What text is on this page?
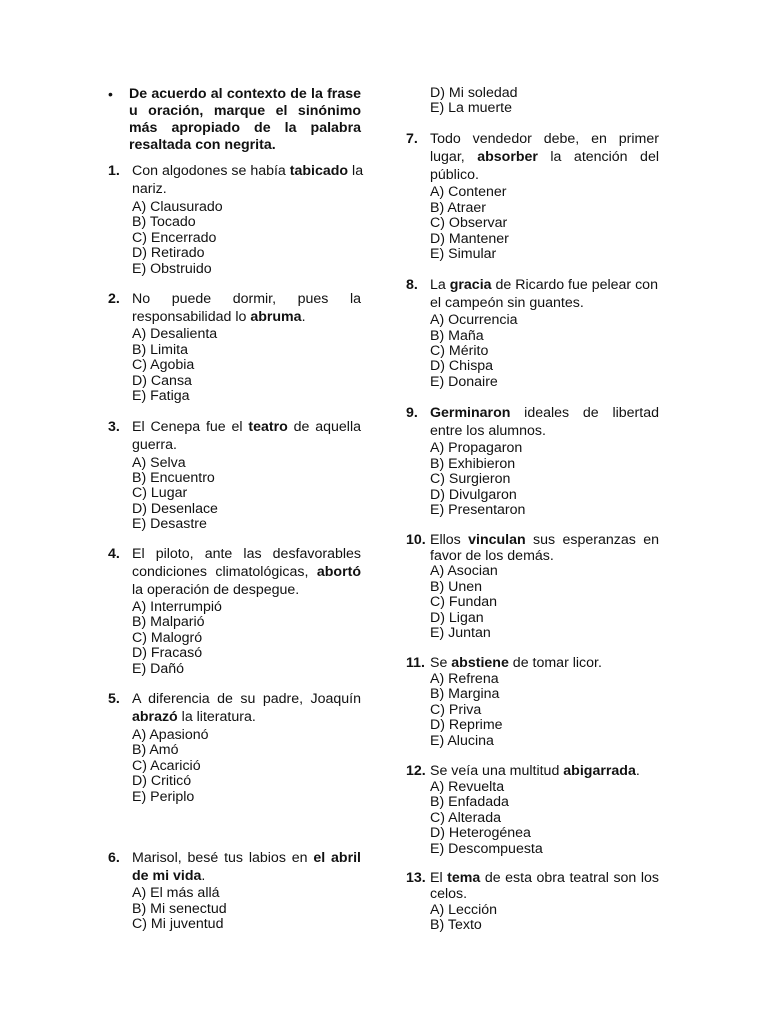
• De acuerdo al contexto de la frase
u oración, marque el sinónimo
más apropiado de la palabra
resaltada con negrita.
1. Con algodones se había tabicado la
nariz.
A) Clausurado
B) Tocado
C) Encerrado
D) Retirado
E) Obstruido
2. No puede dormir, pues la
responsabilidad lo abruma.
A) Desalienta
B) Limita
C) Agobia
D) Cansa
E) Fatiga
3. El Cenepa fue el teatro de aquella
guerra.
A) Selva
B) Encuentro
C) Lugar
D) Desenlace
E) Desastre
4. El piloto, ante las desfavorables
condiciones climatológicas, abortó
la operación de despegue.
A) Interrumpió
B) Malparió
C) Malogró
D) Fracasó
E) Dañó
5. A diferencia de su padre, Joaquín
abrazó la literatura.
A) Apasionó
B) Amó
C) Acarició
D) Criticó
E) Periplo
6. Marisol, besé tus labios en el abril
de mi vida.
A) El más allá
B) Mi senectud
C) Mi juventud
D) Mi soledad
E) La muerte
7. Todo vendedor debe, en primer
lugar, absorber la atención del
público.
A) Contener
B) Atraer
C) Observar
D) Mantener
E) Simular
8. La gracia de Ricardo fue pelear con
el campeón sin guantes.
A) Ocurrencia
B) Maña
C) Mérito
D) Chispa
E) Donaire
9. Germinaron ideales de libertad
entre los alumnos.
A) Propagaron
B) Exhibieron
C) Surgieron
D) Divulgaron
E) Presentaron
10. Ellos vinculan sus esperanzas en
favor de los demás.
A) Asocian
B) Unen
C) Fundan
D) Ligan
E) Juntan
11. Se abstiene de tomar licor.
A) Refrena
B) Margina
C) Priva
D) Reprime
E) Alucina
12. Se veía una multitud abigarrada.
A) Revuelta
B) Enfadada
C) Alterada
D) Heterogénea
E) Descompuesta
13. El tema de esta obra teatral son los
celos.
A) Lección
B) Texto
